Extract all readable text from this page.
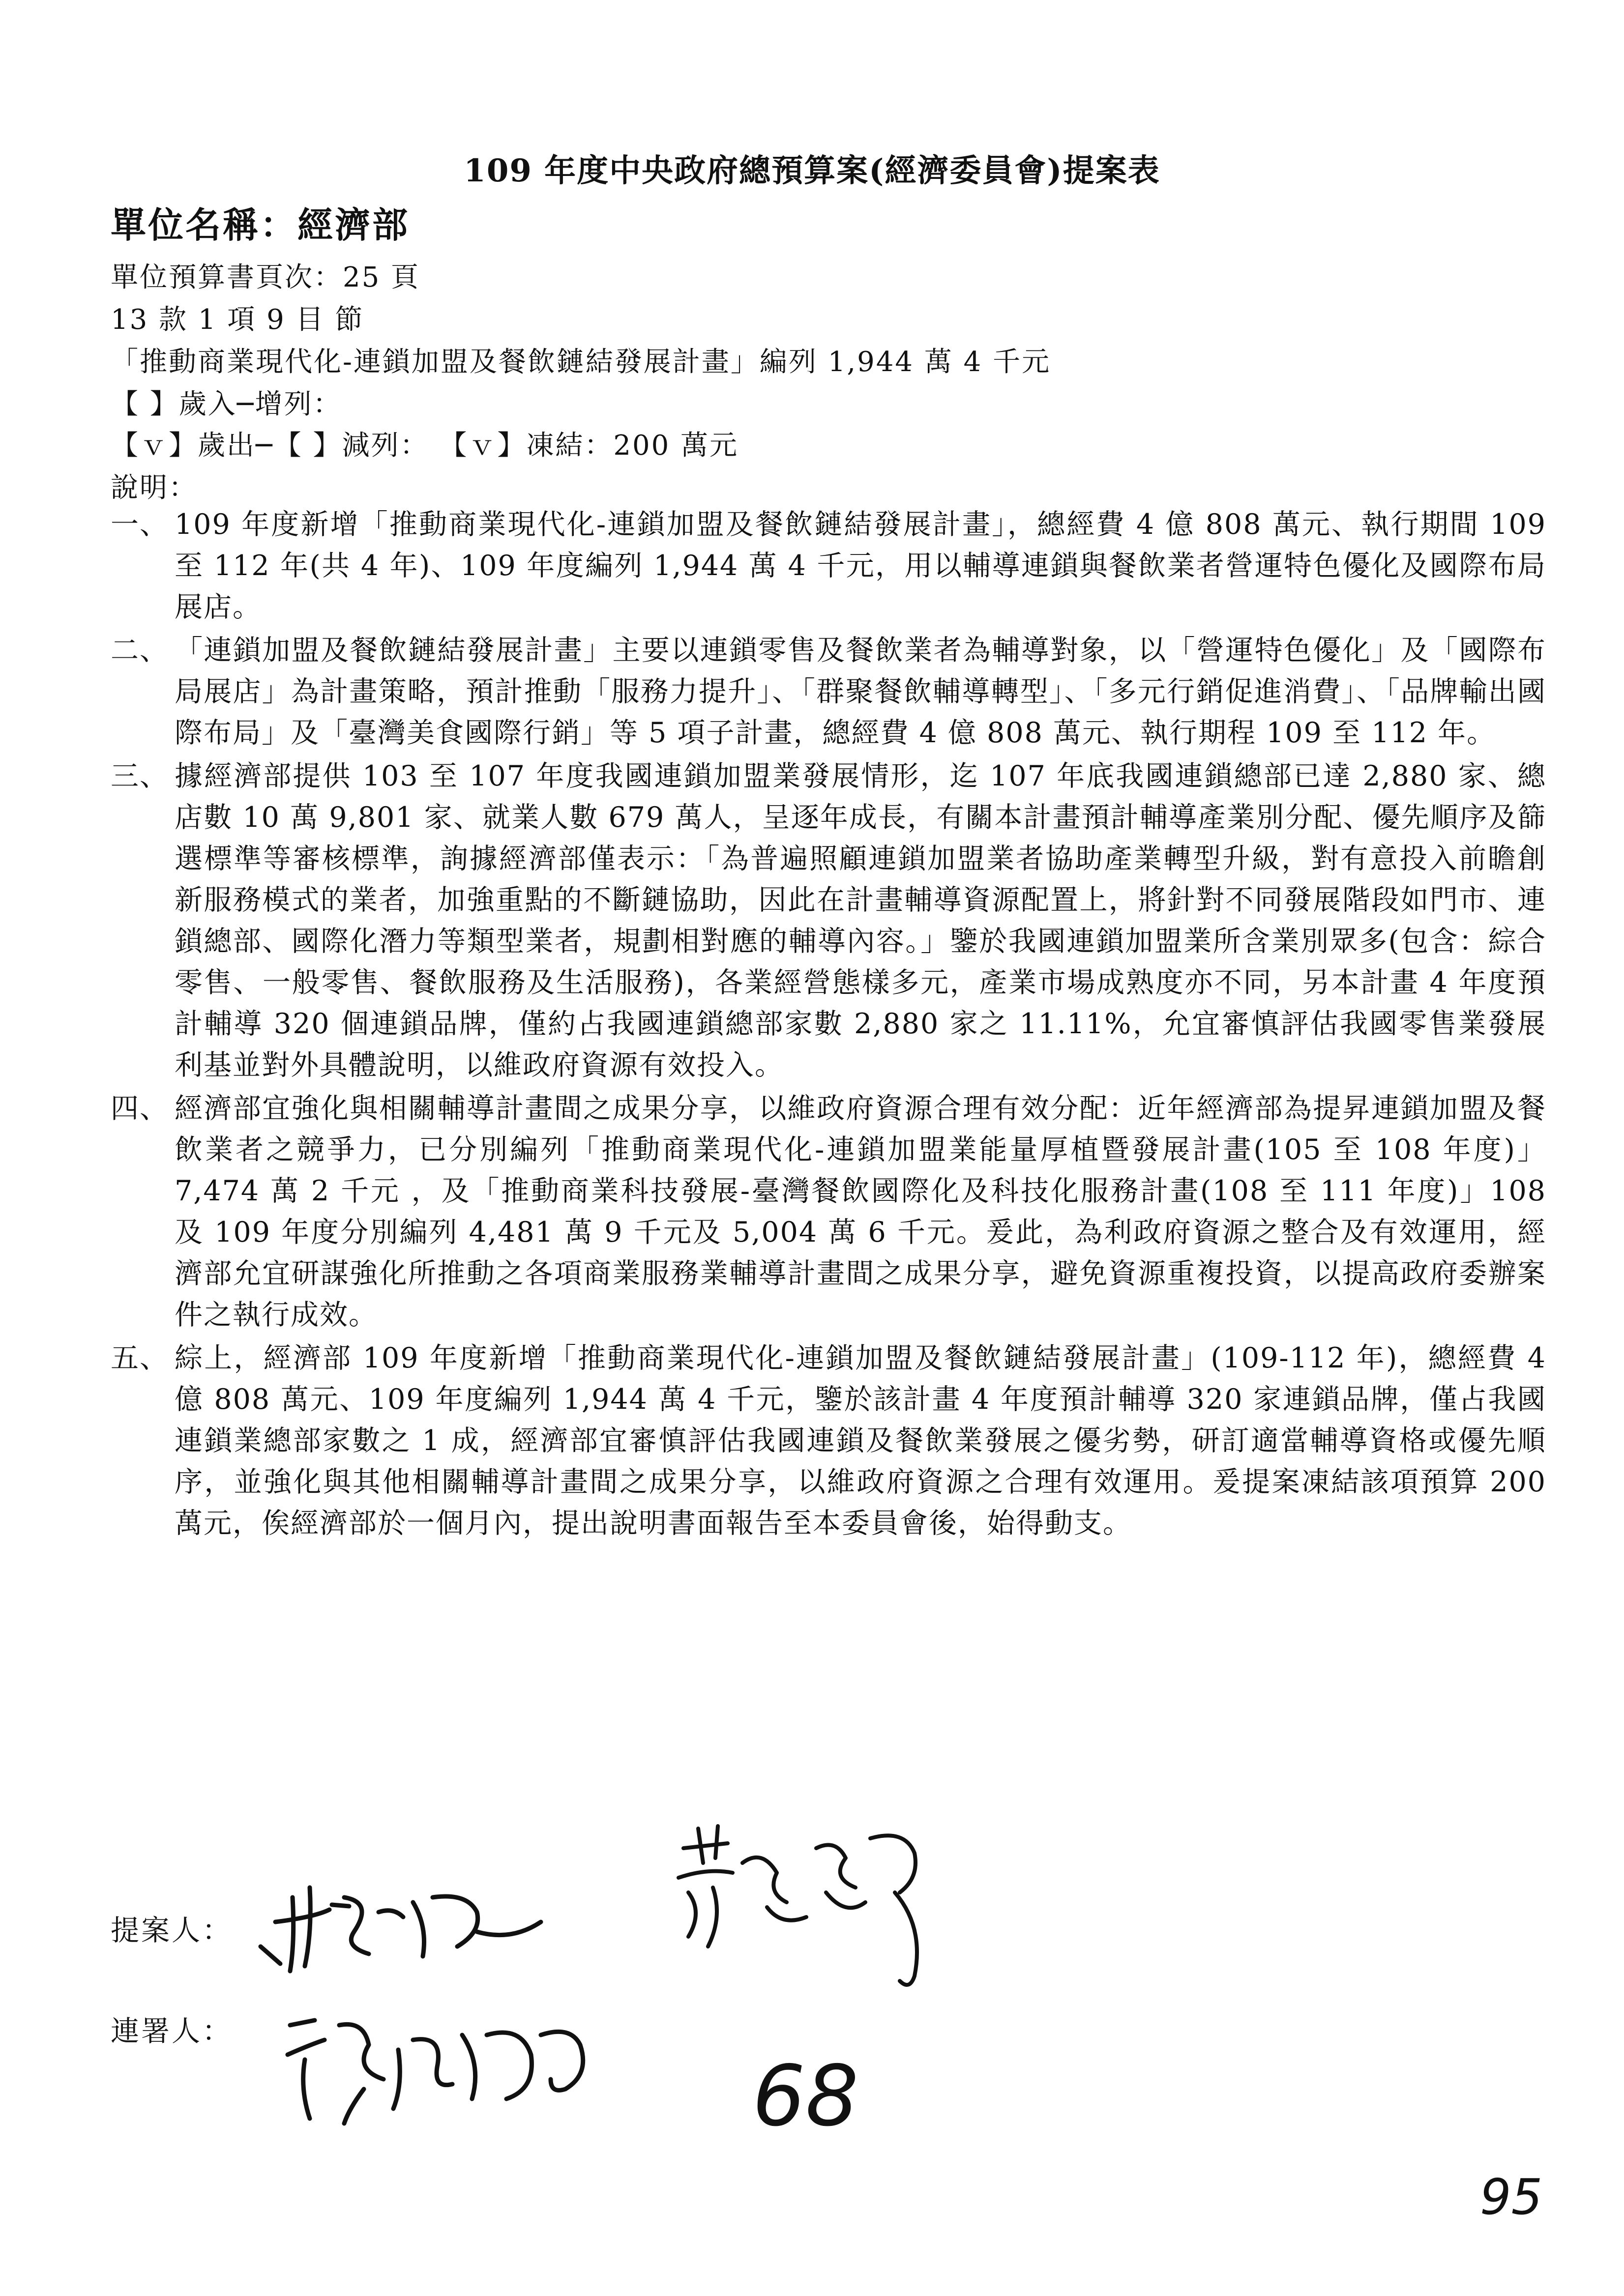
109 年度中央政府總預算案(經濟委員會)提案表
單位名稱：經濟部
單位預算書頁次：25 頁
13 款 1 項 9 目 節
「推動商業現代化-連鎖加盟及餐飲鏈結發展計畫」編列 1,944 萬 4 千元
【 】歲入─增列：
【ｖ】歲出─【 】減列： 【ｖ】凍結：200 萬元
說明：
一、 109 年度新增「推動商業現代化-連鎖加盟及餐飲鏈結發展計畫」，總經費 4 億 808 萬元、執行期間 109 至 112 年(共 4 年)、109 年度編列 1,944 萬 4 千元，用以輔導連鎖與餐飲業者營運特色優化及國際布局展店。
二、 「連鎖加盟及餐飲鏈結發展計畫」主要以連鎖零售及餐飲業者為輔導對象，以「營運特色優化」及「國際布局展店」為計畫策略，預計推動「服務力提升」、「群聚餐飲輔導轉型」、「多元行銷促進消費」、「品牌輸出國際布局」及「臺灣美食國際行銷」等 5 項子計畫，總經費 4 億 808 萬元、執行期程 109 至 112 年。
三、 據經濟部提供 103 至 107 年度我國連鎖加盟業發展情形，迄 107 年底我國連鎖總部已達 2,880 家、總店數 10 萬 9,801 家、就業人數 679 萬人，呈逐年成長，有關本計畫預計輔導產業別分配、優先順序及篩選標準等審核標準，詢據經濟部僅表示：「為普遍照顧連鎖加盟業者協助產業轉型升級，對有意投入前瞻創新服務模式的業者，加強重點的不斷鏈協助，因此在計畫輔導資源配置上，將針對不同發展階段如門市、連鎖總部、國際化潛力等類型業者，規劃相對應的輔導內容。」鑒於我國連鎖加盟業所含業別眾多(包含：綜合零售、一般零售、餐飲服務及生活服務)，各業經營態樣多元，產業市場成熟度亦不同，另本計畫 4 年度預計輔導 320 個連鎖品牌，僅約占我國連鎖總部家數 2,880 家之 11.11%，允宜審慎評估我國零售業發展利基並對外具體說明，以維政府資源有效投入。
四、 經濟部宜強化與相關輔導計畫間之成果分享，以維政府資源合理有效分配：近年經濟部為提昇連鎖加盟及餐飲業者之競爭力，已分別編列「推動商業現代化-連鎖加盟業能量厚植暨發展計畫(105 至 108 年度)」7,474 萬 2 千元 ，及「推動商業科技發展-臺灣餐飲國際化及科技化服務計畫(108 至 111 年度)」108 及 109 年度分別編列 4,481 萬 9 千元及 5,004 萬 6 千元。爰此，為利政府資源之整合及有效運用，經濟部允宜研謀強化所推動之各項商業服務業輔導計畫間之成果分享，避免資源重複投資，以提高政府委辦案件之執行成效。
五、 綜上，經濟部 109 年度新增「推動商業現代化-連鎖加盟及餐飲鏈結發展計畫」(109-112 年)，總經費 4 億 808 萬元、109 年度編列 1,944 萬 4 千元，鑒於該計畫 4 年度預計輔導 320 家連鎖品牌，僅占我國連鎖業總部家數之 1 成，經濟部宜審慎評估我國連鎖及餐飲業發展之優劣勢，研訂適當輔導資格或優先順序，並強化與其他相關輔導計畫間之成果分享，以維政府資源之合理有效運用。爰提案凍結該項預算 200 萬元，俟經濟部於一個月內，提出說明書面報告至本委員會後，始得動支。
提案人：
連署人：
68
95
